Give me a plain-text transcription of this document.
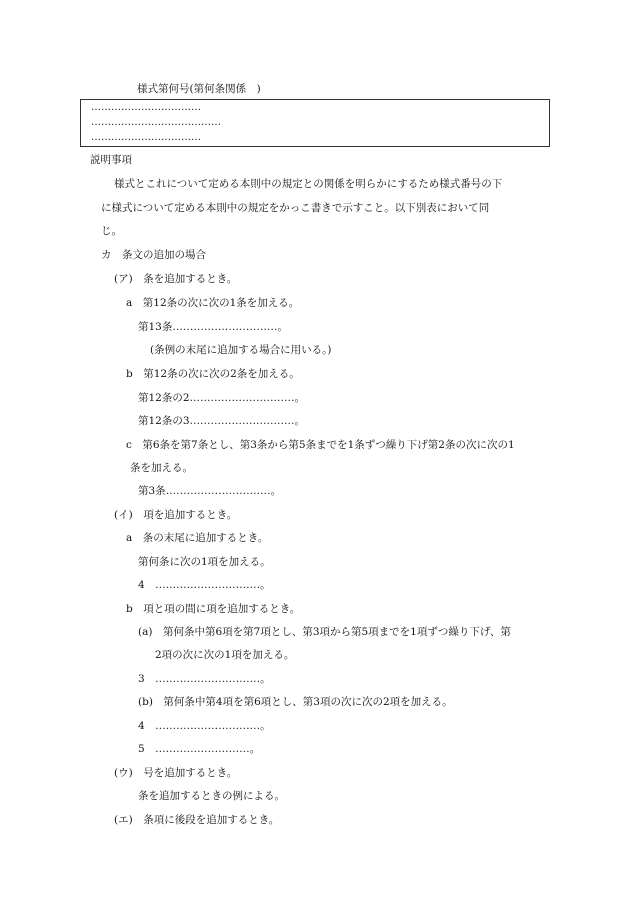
様式第何号(第何条関係　)
……………………………
…………………………………
……………………………
説明事項
様式とこれについて定める本則中の規定との関係を明らかにするため様式番号の下
に様式について定める本則中の規定をかっこ書きで示すこと。以下別表において同
じ。
カ　条文の追加の場合
(ア)　条を追加するとき。
a　第12条の次に次の1条を加える。
第13条…………………………。
(条例の末尾に追加する場合に用いる。)
b　第12条の次に次の2条を加える。
第12条の2…………………………。
第12条の3…………………………。
c　第6条を第7条とし、第3条から第5条までを1条ずつ繰り下げ第2条の次に次の1
条を加える。
第3条…………………………。
(イ)　項を追加するとき。
a　条の末尾に追加するとき。
第何条に次の1項を加える。
4　…………………………。
b　項と項の間に項を追加するとき。
(a)　第何条中第6項を第7項とし、第3項から第5項までを1項ずつ繰り下げ、第
2項の次に次の1項を加える。
3　…………………………。
(b)　第何条中第4項を第6項とし、第3項の次に次の2項を加える。
4　…………………………。
5　………………………。
(ウ)　号を追加するとき。
条を追加するときの例による。
(エ)　条項に後段を追加するとき。
